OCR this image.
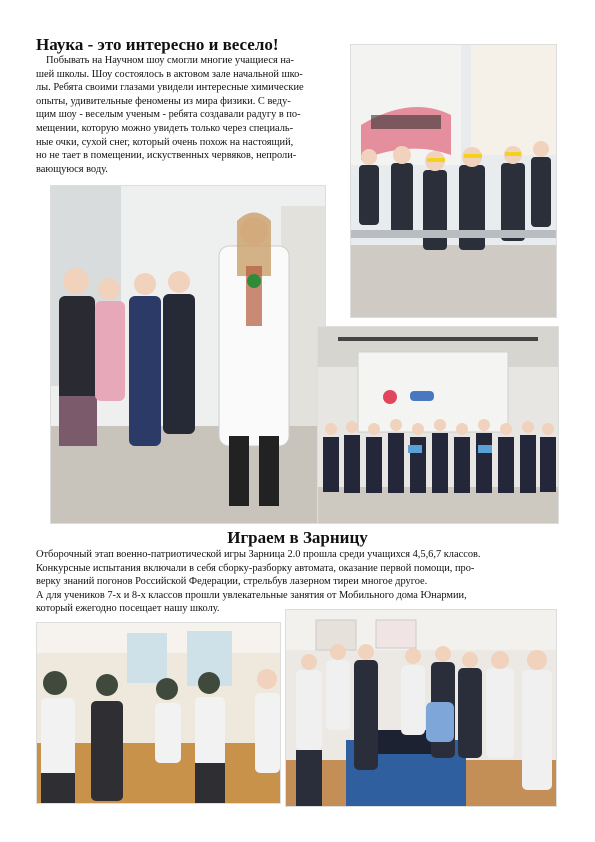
Наука - это интересно и весело!
Побывать на Научном шоу смогли многие учащиеся на-
шей школы. Шоу состоялось в актовом зале начальной шко-
лы. Ребята своими глазами увидели интересные химические
опыты, удивительные феномены из мира физики. С веду-
щим шоу - веселым ученым - ребята создавали радугу в по-
мещении, которую можно увидеть только через специаль-
ные очки, сухой снег, который очень похож на настоящий,
но не тает в помещении, искуственных червяков, непроли-
вающуюся воду.
Играем в Зарницу
Отборочный этап военно-патриотической игры Зарница 2.0 прошла среди учащихся 4,5,6,7 классов.
Конкурсные испытания включали в себя сборку-разборку автомата, оказание первой помощи, про-
верку знаний погонов Российской Федерации, стрельбув лазерном тиреи многое другое.
А для учеников 7-х и 8-х классов прошли увлекательные занятия от Мобильного дома Юнармии,
который ежегодно посещает нашу школу.
